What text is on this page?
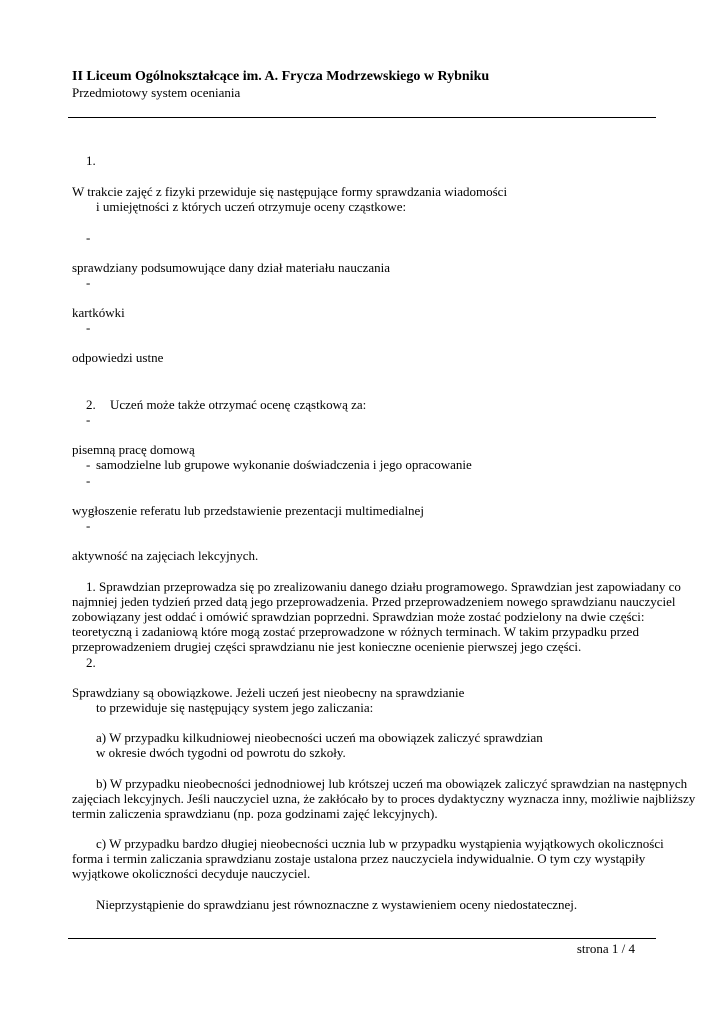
II Liceum Ogólnokształcące im. A. Frycza Modrzewskiego w Rybniku
Przedmiotowy system oceniania
1.
W trakcie zajęć z fizyki przewiduje się następujące formy sprawdzania wiadomości
i umiejętności z których uczeń otrzymuje oceny cząstkowe:
-
sprawdziany podsumowujące dany dział materiału nauczania
-
kartkówki
-
odpowiedzi ustne
2. Uczeń może także otrzymać ocenę cząstkową za:
-
pisemną pracę domową
- samodzielne lub grupowe wykonanie doświadczenia i jego opracowanie
-
wygłoszenie referatu lub przedstawienie prezentacji multimedialnej
-
aktywność na zajęciach lekcyjnych.
1. Sprawdzian przeprowadza się po zrealizowaniu danego działu programowego. Sprawdzian jest zapowiadany co
najmniej jeden tydzień przed datą jego przeprowadzenia. Przed przeprowadzeniem nowego sprawdzianu nauczyciel
zobowiązany jest oddać i omówić sprawdzian poprzedni. Sprawdzian może zostać podzielony na dwie części:
teoretyczną i zadaniową które mogą zostać przeprowadzone w różnych terminach. W takim przypadku przed
przeprowadzeniem drugiej części sprawdzianu nie jest konieczne ocenienie pierwszej jego części.
2.
Sprawdziany są obowiązkowe. Jeżeli uczeń jest nieobecny na sprawdzianie
to przewiduje się następujący system jego zaliczania:
a) W przypadku kilkudniowej nieobecności uczeń ma obowiązek zaliczyć sprawdzian
w okresie dwóch tygodni od powrotu do szkoły.
b) W przypadku nieobecności jednodniowej lub krótszej uczeń ma obowiązek zaliczyć sprawdzian na następnych
zajęciach lekcyjnych. Jeśli nauczyciel uzna, że zakłócało by to proces dydaktyczny wyznacza inny, możliwie najbliższy
termin zaliczenia sprawdzianu (np. poza godzinami zajęć lekcyjnych).
c) W przypadku bardzo długiej nieobecności ucznia lub w przypadku wystąpienia wyjątkowych okoliczności
forma i termin zaliczania sprawdzianu zostaje ustalona przez nauczyciela indywidualnie. O tym czy wystąpiły
wyjątkowe okoliczności decyduje nauczyciel.
Nieprzystąpienie do sprawdzianu jest równoznaczne z wystawieniem oceny niedostatecznej.
strona 1 / 4
